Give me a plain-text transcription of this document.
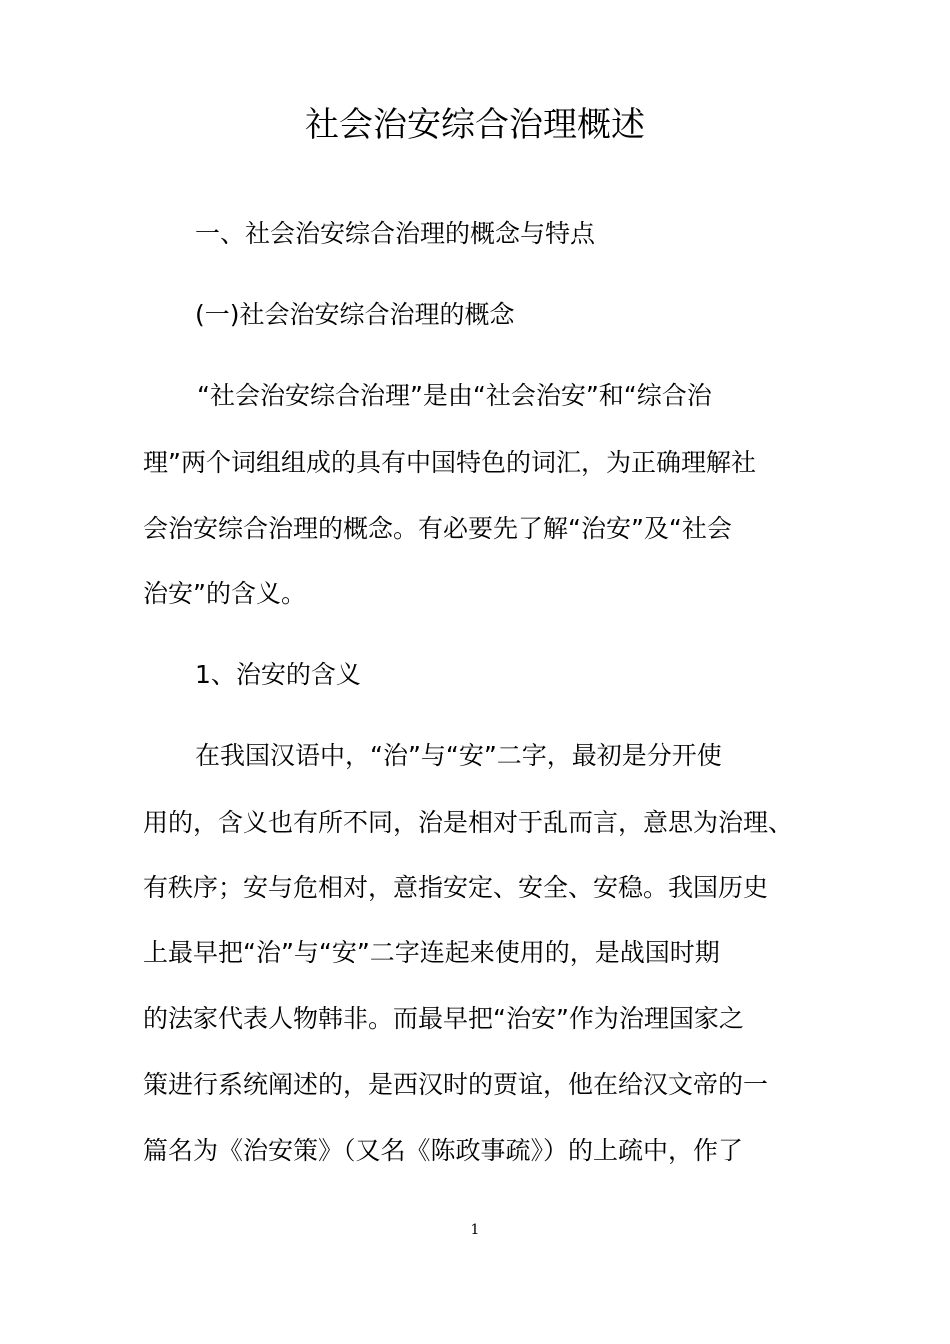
社会治安综合治理概述
一、社会治安综合治理的概念与特点
(一)社会治安综合治理的概念
“社会治安综合治理”是由“社会治安”和“综合治
理”两个词组组成的具有中国特色的词汇，为正确理解社
会治安综合治理的概念。有必要先了解“治安”及“社会
治安”的含义。
1、治安的含义
在我国汉语中，“治”与“安”二字，最初是分开使
用的，含义也有所不同，治是相对于乱而言，意思为治理、
有秩序；安与危相对，意指安定、安全、安稳。我国历史
上最早把“治”与“安”二字连起来使用的，是战国时期
的法家代表人物韩非。而最早把“治安”作为治理国家之
策进行系统阐述的，是西汉时的贾谊，他在给汉文帝的一
篇名为《治安策》（又名《陈政事疏》）的上疏中，作了
1
